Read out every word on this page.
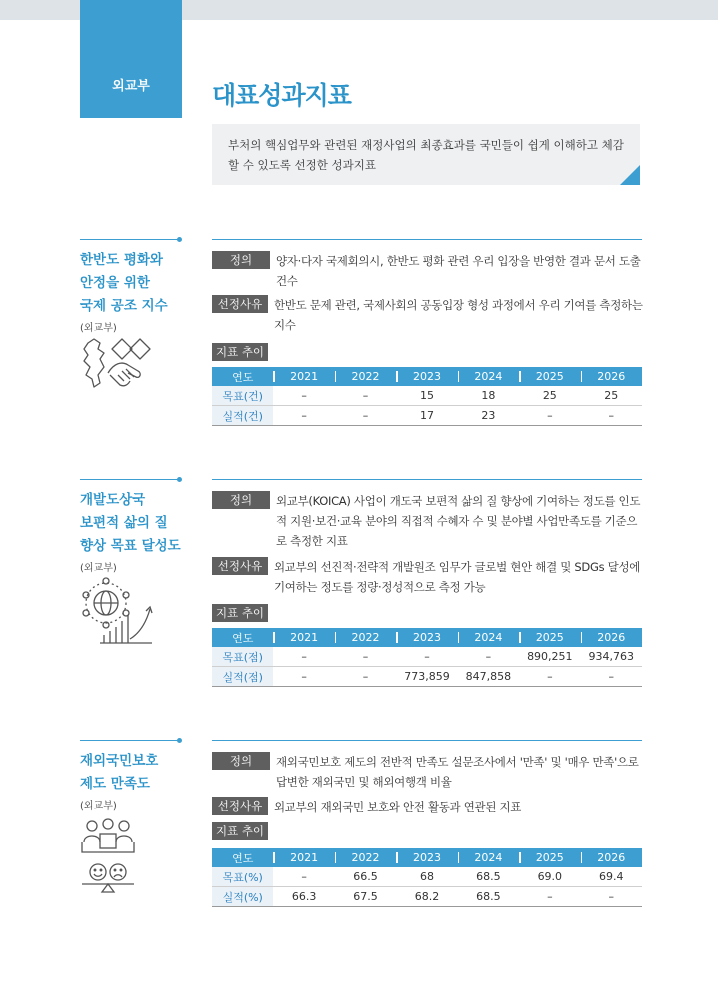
외교부 대표성과지표
부처의 핵심업무와 관련된 재정사업의 최종효과를 국민들이 쉽게 이해하고 체감할 수 있도록 선정한 성과지표
한반도 평화와
안정을 위한
국제 공조 지수
(외교부)
정의	양자·다자 국제회의시, 한반도 평화 관련 우리 입장을 반영한 결과 문서 도출 건수
선정사유	한반도 문제 관련, 국제사회의 공동입장 형성 과정에서 우리 기여를 측정하는 지수
지표 추이
연도	2021	2022	2023	2024	2025	2026
목표(건)	–	–	15	18	25	25
실적(건)	–	–	17	23	–	–
개발도상국
보편적 삶의 질
향상 목표 달성도
(외교부)
정의	외교부(KOICA) 사업이 개도국 보편적 삶의 질 향상에 기여하는 정도를 인도적 지원·보건·교육 분야의 직접적 수혜자 수 및 분야별 사업만족도를 기준으로 측정한 지표
선정사유	외교부의 선진적·전략적 개발원조 임무가 글로벌 현안 해결 및 SDGs 달성에 기여하는 정도를 정량·정성적으로 측정 가능
지표 추이
연도	2021	2022	2023	2024	2025	2026
목표(점)	–	–	–	–	890,251	934,763
실적(점)	–	–	773,859	847,858	–	–
재외국민보호
제도 만족도
(외교부)
정의	재외국민보호 제도의 전반적 만족도 설문조사에서 '만족' 및 '매우 만족'으로 답변한 재외국민 및 해외여행객 비율
선정사유	외교부의 재외국민 보호와 안전 활동과 연관된 지표
지표 추이
연도	2021	2022	2023	2024	2025	2026
목표(%)	–	66.5	68	68.5	69.0	69.4
실적(%)	66.3	67.5	68.2	68.5	–	–
